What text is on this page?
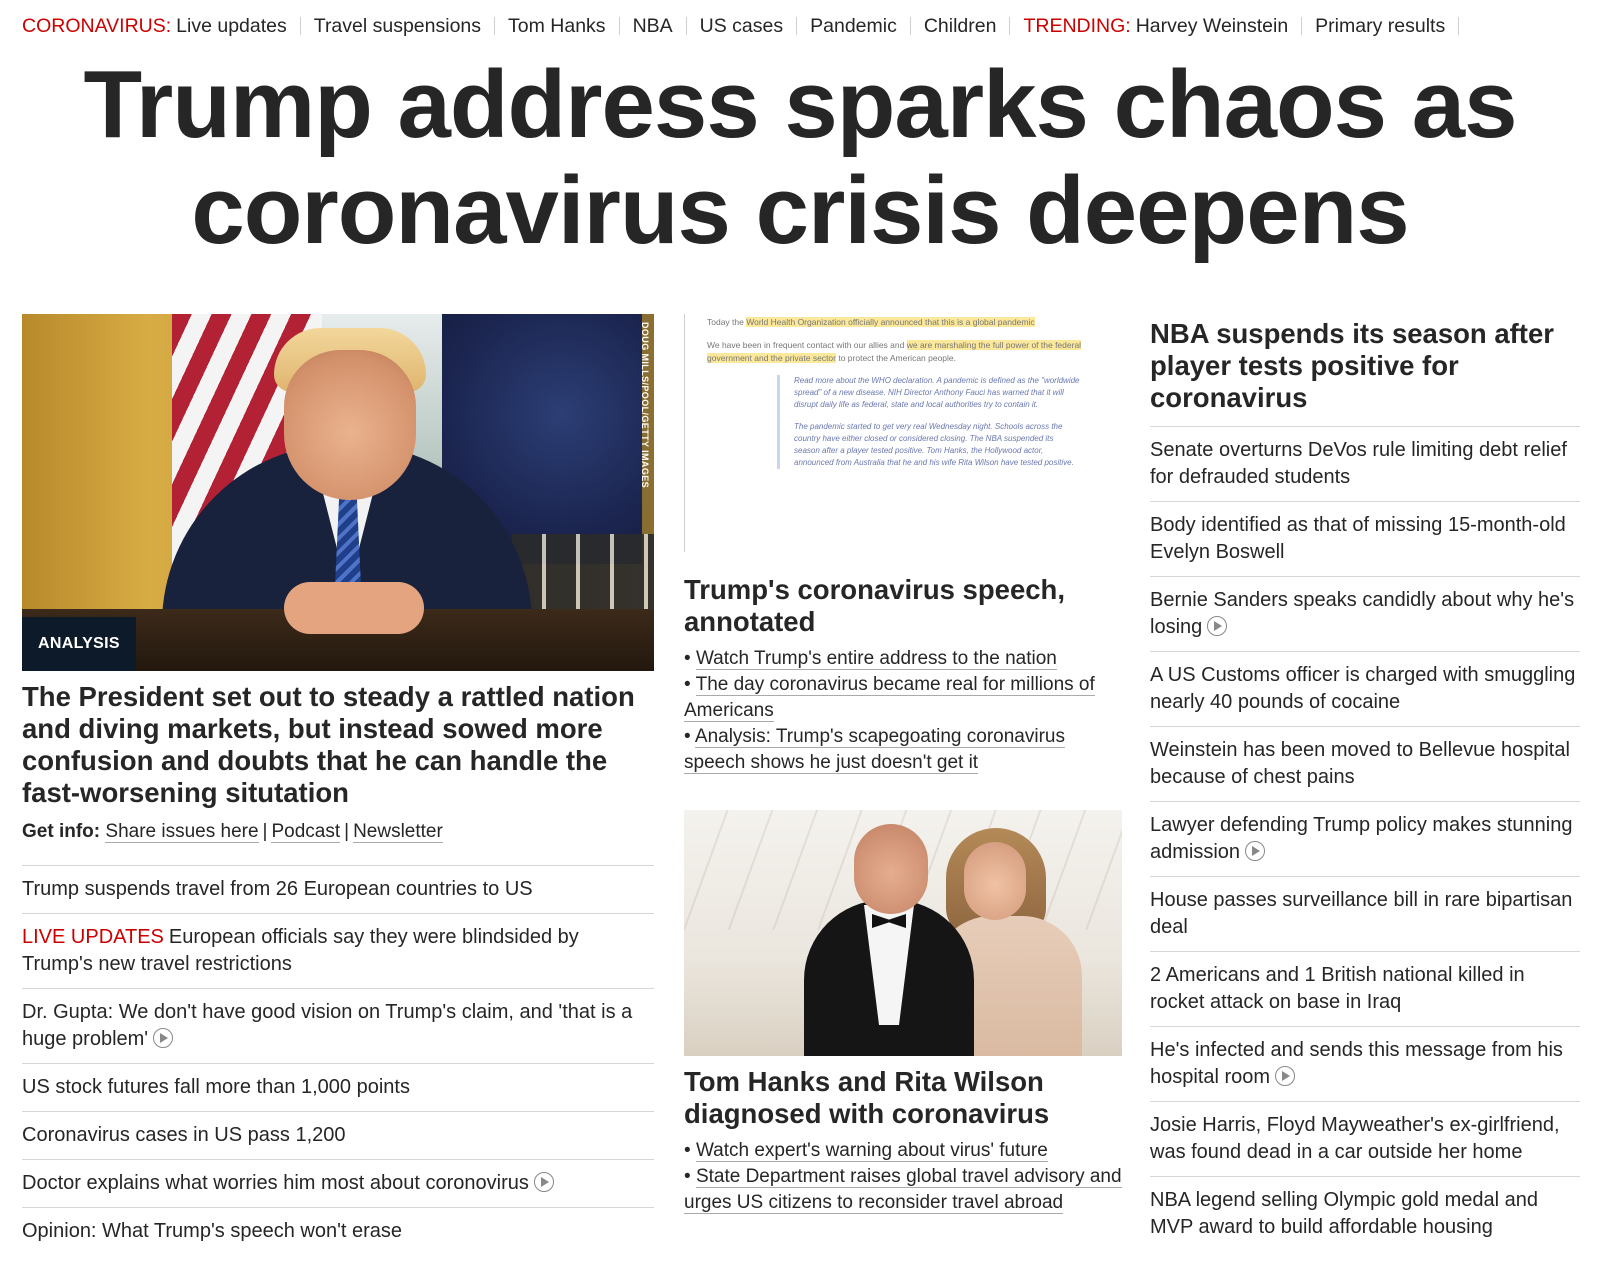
CORONAVIRUS: Live updates Travel suspensions Tom Hanks NBA US cases Pandemic Children TRENDING: Harvey Weinstein Primary results
Trump address sparks chaos as coronavirus crisis deepens
DOUG MILLS/POOL/GETTY IMAGES
ANALYSIS
The President set out to steady a rattled nation and diving markets, but instead sowed more confusion and doubts that he can handle the fast-worsening situtation
Get info: Share issues here | Podcast | Newsletter
Trump suspends travel from 26 European countries to US
LIVE UPDATES European officials say they were blindsided by Trump's new travel restrictions
Dr. Gupta: We don't have good vision on Trump's claim, and 'that is a huge problem'
US stock futures fall more than 1,000 points
Coronavirus cases in US pass 1,200
Doctor explains what worries him most about coronovirus
Opinion: What Trump's speech won't erase

Today the World Health Organization officially announced that this is a global pandemic

We have been in frequent contact with our allies and we are marshaling the full power of the federal government and the private sector to protect the American people.

Read more about the WHO declaration. A pandemic is defined as the "worldwide spread" of a new disease. NIH Director Anthony Fauci has warned that it will disrupt daily life as federal, state and local authorities try to contain it.

The pandemic started to get very real Wednesday night. Schools across the country have either closed or considered closing. The NBA suspended its season after a player tested positive. Tom Hanks, the Hollywood actor, announced from Australia that he and his wife Rita Wilson have tested positive.

Trump's coronavirus speech, annotated
• Watch Trump's entire address to the nation
• The day coronavirus became real for millions of Americans
• Analysis: Trump's scapegoating coronavirus speech shows he just doesn't get it
Tom Hanks and Rita Wilson diagnosed with coronavirus
• Watch expert's warning about virus' future
• State Department raises global travel advisory and urges US citizens to reconsider travel abroad
NBA suspends its season after player tests positive for coronavirus
Senate overturns DeVos rule limiting debt relief for defrauded students
Body identified as that of missing 15-month-old Evelyn Boswell
Bernie Sanders speaks candidly about why he's losing
A US Customs officer is charged with smuggling nearly 40 pounds of cocaine
Weinstein has been moved to Bellevue hospital because of chest pains
Lawyer defending Trump policy makes stunning admission
House passes surveillance bill in rare bipartisan deal
2 Americans and 1 British national killed in rocket attack on base in Iraq
He's infected and sends this message from his hospital room
Josie Harris, Floyd Mayweather's ex-girlfriend, was found dead in a car outside her home
NBA legend selling Olympic gold medal and MVP award to build affordable housing
